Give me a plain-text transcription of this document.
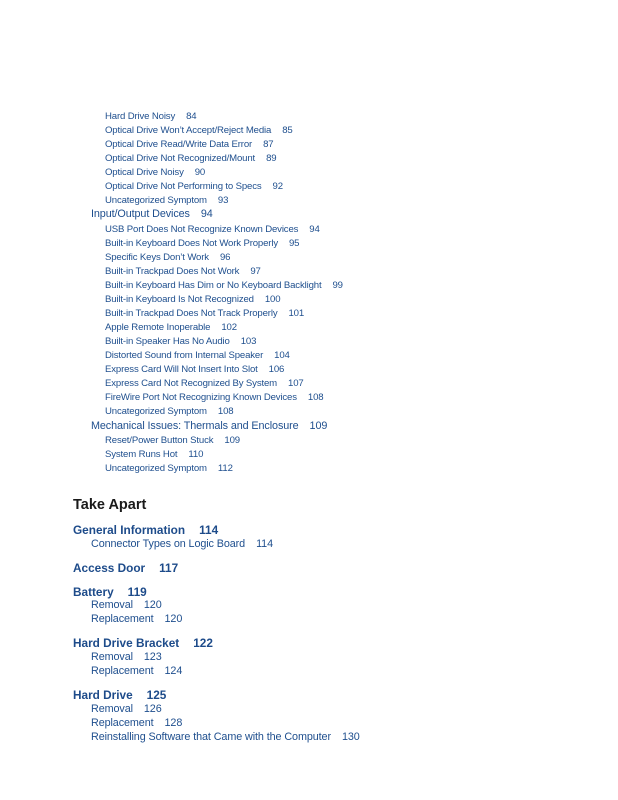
Hard Drive Noisy 84
Optical Drive Won’t Accept/Reject Media 85
Optical Drive Read/Write Data Error 87
Optical Drive Not Recognized/Mount 89
Optical Drive Noisy 90
Optical Drive Not Performing to Specs 92
Uncategorized Symptom 93
Input/Output Devices 94
USB Port Does Not Recognize Known Devices 94
Built-in Keyboard Does Not Work Properly 95
Specific Keys Don’t Work 96
Built-in Trackpad Does Not Work 97
Built-in Keyboard Has Dim or No Keyboard Backlight 99
Built-in Keyboard Is Not Recognized 100
Built-in Trackpad Does Not Track Properly 101
Apple Remote Inoperable 102
Built-in Speaker Has No Audio 103
Distorted Sound from Internal Speaker 104
Express Card Will Not Insert Into Slot 106
Express Card Not Recognized By System 107
FireWire Port Not Recognizing Known Devices 108
Uncategorized Symptom 108
Mechanical Issues: Thermals and Enclosure 109
Reset/Power Button Stuck 109
System Runs Hot 110
Uncategorized Symptom 112
Take Apart
General Information 114
Connector Types on Logic Board 114
Access Door 117
Battery 119
Removal 120
Replacement 120
Hard Drive Bracket 122
Removal 123
Replacement 124
Hard Drive 125
Removal 126
Replacement 128
Reinstalling Software that Came with the Computer 130
